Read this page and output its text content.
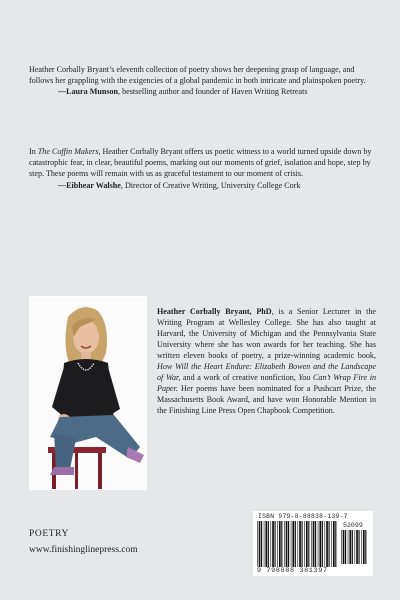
Heather Corbally Bryant’s eleventh collection of poetry shows her deepening grasp of language, and follows her grappling with the exigencies of a global pandemic in both intricate and plainspoken poetry.

—Laura Munson, bestselling author and founder of Haven Writing Retreats

In The Coffin Makers, Heather Corbally Bryant offers us poetic witness to a world turned upside down by catastrophic fear, in clear, beautiful poems, marking out our moments of grief, isolation and hope, step by step. These poems will remain with us as graceful testament to our moment of crisis.

—Eibhear Walshe, Director of Creative Writing, University College Cork

Heather Corbally Bryant, PhD, is a Senior Lecturer in the Writing Program at Wellesley College. She has also taught at Harvard, the University of Michigan and the Pennsylvania State University where she has won awards for her teaching. She has written eleven books of poetry, a prize-winning academic book, How Will the Heart Endure: Elizabeth Bowen and the Landscape of War, and a work of creative nonfiction, You Can’t Wrap Fire in Paper. Her poems have been nominated for a Pushcart Prize, the Massachusetts Book Award, and have won Honorable Mention in the Finishing Line Press Open Chapbook Competition.

POETRY
www.finishinglinepress.com
ISBN 979-8-88838-139-7
52099
9 798888 381397
